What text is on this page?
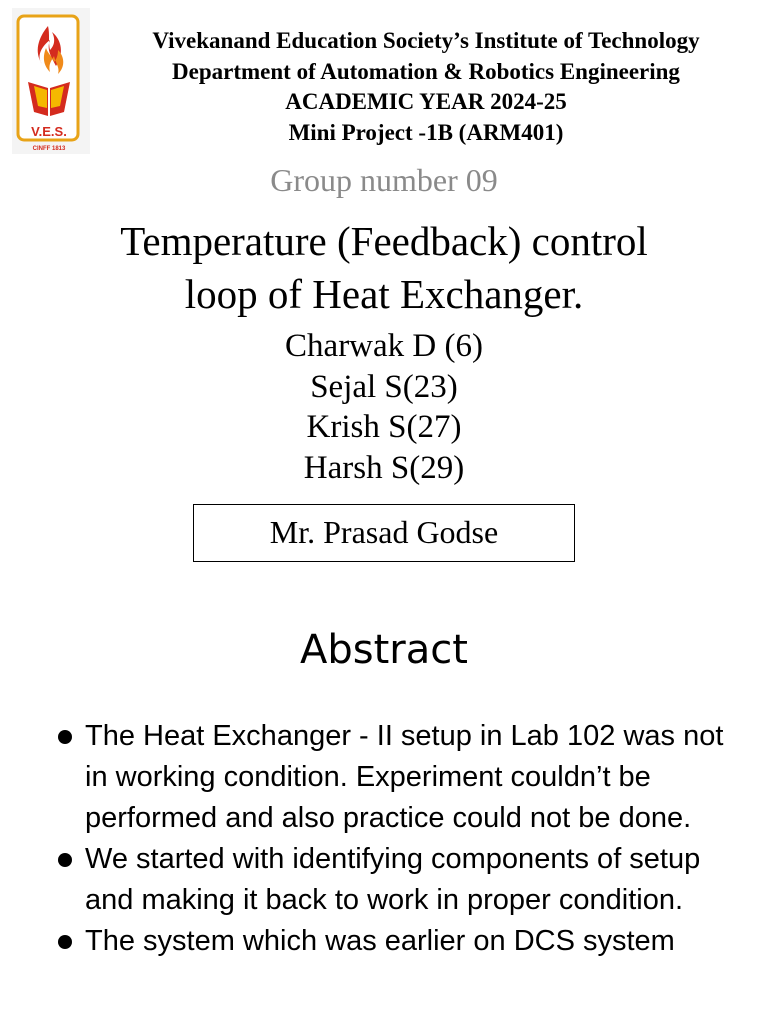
V.E.S.
CINFF 1813
Vivekanand Education Society’s Institute of Technology
Department of Automation & Robotics Engineering
ACADEMIC YEAR 2024-25
Mini Project -1B (ARM401)
Group number 09
Temperature (Feedback) control
loop of Heat Exchanger.
Charwak D (6)
Sejal S(23)
Krish S(27)
Harsh S(29)
Mr. Prasad Godse
Abstract
The Heat Exchanger - II setup in Lab 102 was not in working condition. Experiment couldn’t be performed and also practice could not be done.
We started with identifying components of setup and making it back to work in proper condition.
The system which was earlier on DCS system
